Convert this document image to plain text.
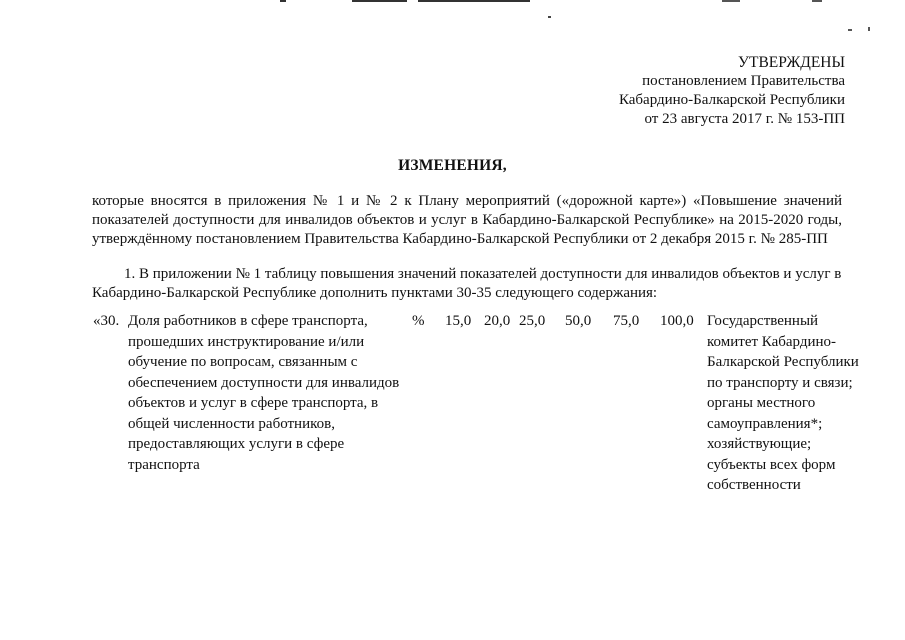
УТВЕРЖДЕНЫ
постановлением Правительства
Кабардино-Балкарской Республики
от 23 августа 2017 г. № 153-ПП
ИЗМЕНЕНИЯ,
которые вносятся в приложения № 1 и № 2 к Плану мероприятий («дорожной карте») «Повышение значений показателей доступности для инвалидов объектов и услуг в Кабардино-Балкарской Республике» на 2015-2020 годы, утверждённому постановлением Правительства Кабардино-Балкарской Республики от 2 декабря 2015 г. № 285-ПП
1. В приложении № 1 таблицу повышения значений показателей доступности для инвалидов объектов и услуг в Кабардино-Балкарской Республике дополнить пунктами 30-35 следующего содержания:
«30. Доля работников в сфере транспорта,
прошедших инструктирование и/или
обучение по вопросам, связанным с
обеспечением доступности для инвалидов
объектов и услуг в сфере транспорта, в
общей численности работников,
предоставляющих услуги в сфере
транспорта
% 15,0 20,0 25,0 50,0 75,0 100,0 Государственный
комитет Кабардино-
Балкарской Республики
по транспорту и связи;
органы местного
самоуправления*;
хозяйствующие;
субъекты всех форм
собственности
